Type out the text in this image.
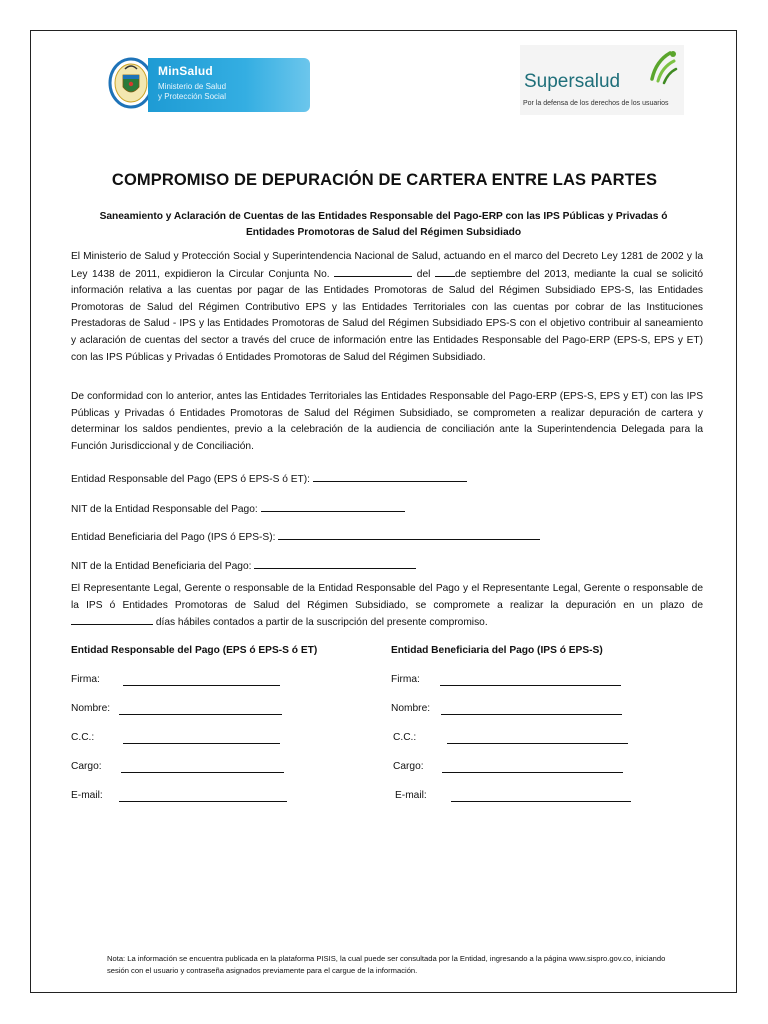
MinSalud
Ministerio de Salud
y Protección Social
Supersalud
Por la defensa de los derechos de los usuarios
COMPROMISO DE DEPURACIÓN DE CARTERA ENTRE LAS PARTES
Saneamiento y Aclaración de Cuentas de las Entidades Responsable del Pago-ERP con las IPS Públicas y Privadas ó Entidades Promotoras de Salud del Régimen Subsidiado
El Ministerio de Salud y Protección Social y Superintendencia Nacional de Salud, actuando en el marco del Decreto Ley 1281 de 2002 y la Ley 1438 de 2011, expidieron la Circular Conjunta No.	del de septiembre del 2013, mediante la cual se solicitó información relativa a las cuentas por pagar de las Entidades Promotoras de Salud del Régimen Subsidiado EPS-S, las Entidades Promotoras de Salud del Régimen Contributivo EPS y las Entidades Territoriales con las cuentas por cobrar de las Instituciones Prestadoras de Salud - IPS y las Entidades Promotoras de Salud del Régimen Subsidiado EPS-S con el objetivo contribuir al saneamiento y aclaración de cuentas del sector a través del cruce de información entre las Entidades Responsable del Pago-ERP (EPS-S, EPS y ET) con las IPS Públicas y Privadas ó Entidades Promotoras de Salud del Régimen Subsidiado.
De conformidad con lo anterior, antes las Entidades Territoriales las Entidades Responsable del Pago-ERP (EPS-S, EPS y ET) con las IPS Públicas y Privadas ó Entidades Promotoras de Salud del Régimen Subsidiado, se comprometen a realizar depuración de cartera y determinar los saldos pendientes, previo a la celebración de la audiencia de conciliación ante la Superintendencia Delegada para la Función Jurisdiccional y de Conciliación.
Entidad Responsable del Pago (EPS ó EPS-S ó ET):
NIT de la Entidad Responsable del Pago:
Entidad Beneficiaria del Pago (IPS ó EPS-S):
NIT de la Entidad Beneficiaria del Pago:
El Representante Legal, Gerente o responsable de la Entidad Responsable del Pago y el Representante Legal, Gerente o responsable de la IPS ó Entidades Promotoras de Salud del Régimen Subsidiado, se compromete a realizar la depuración en un plazo de  días hábiles contados a partir de la suscripción del presente compromiso.
Entidad Responsable del Pago (EPS ó EPS-S ó ET)	Entidad Beneficiaria del Pago (IPS ó EPS-S)
Firma:
Nombre:
C.C.:
Cargo:
E-mail:
Firma:
Nombre:
C.C.:
Cargo:
E-mail:
Nota: La información se encuentra publicada en la plataforma PISIS, la cual puede ser consultada por la Entidad, ingresando a la página www.sispro.gov.co, iniciando sesión con el usuario y contraseña asignados previamente para el cargue de la información.
